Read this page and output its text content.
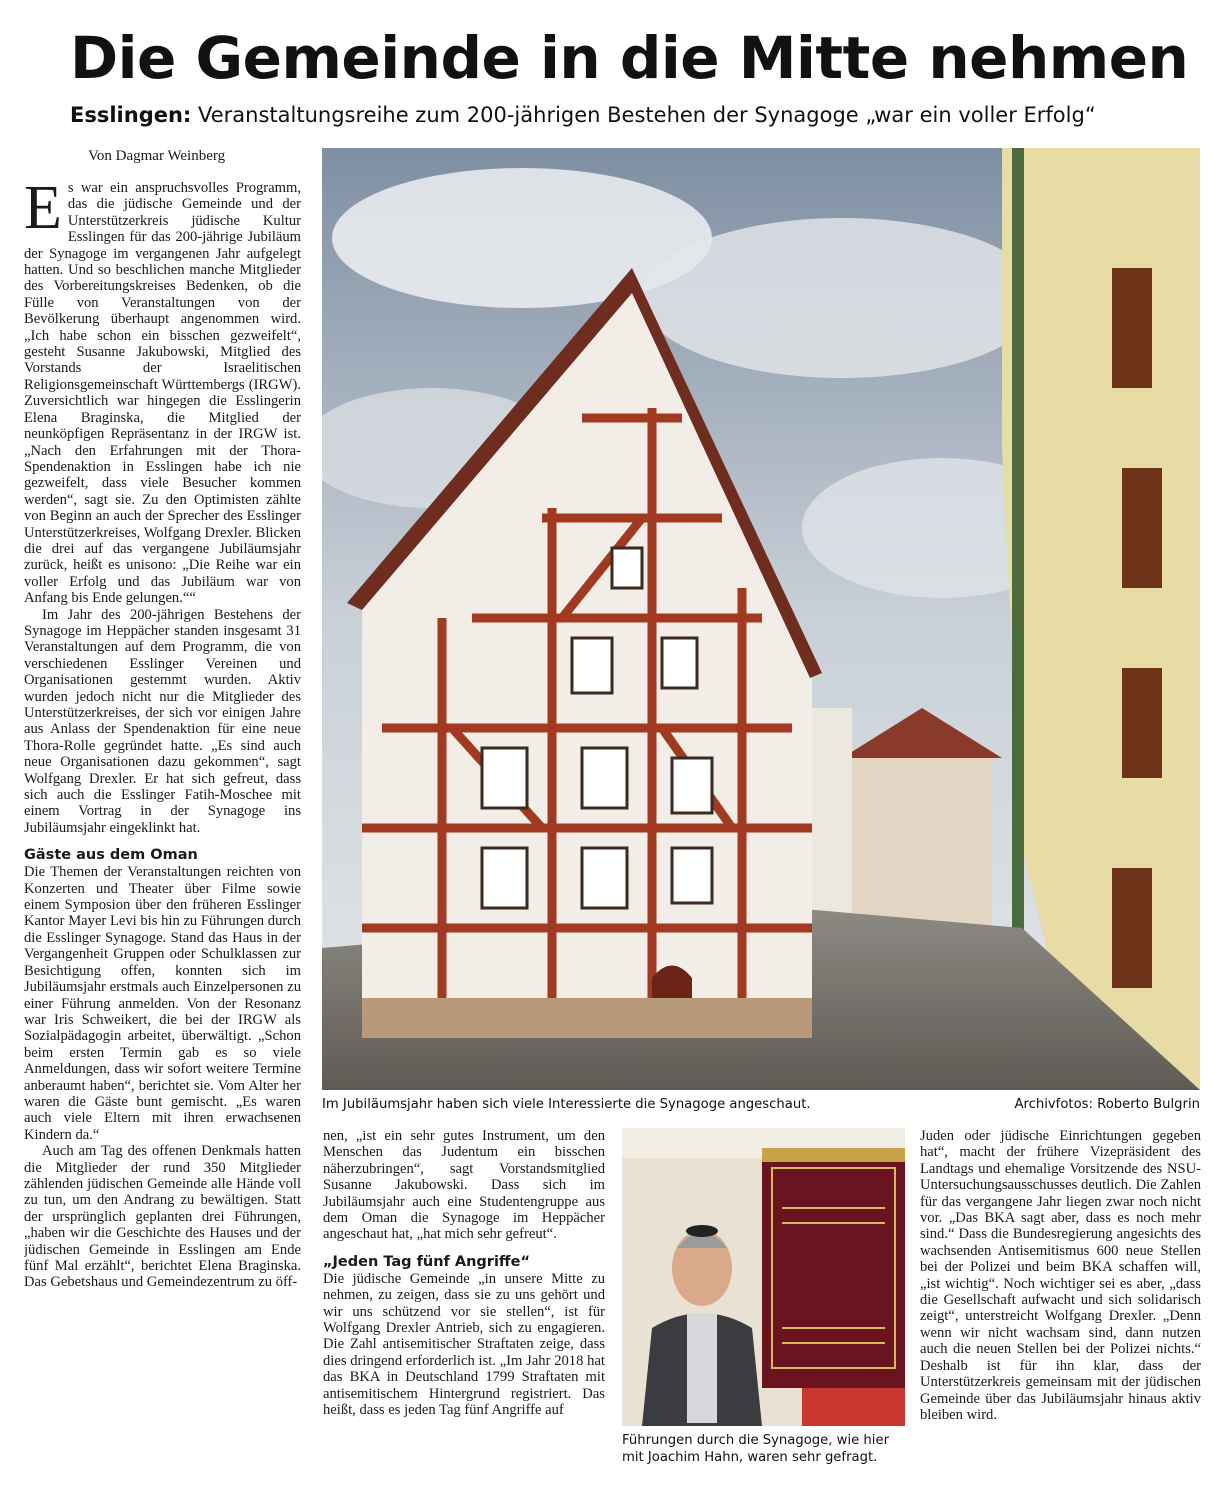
Die Gemeinde in die Mitte nehmen
Esslingen: Veranstaltungsreihe zum 200-jährigen Bestehen der Synagoge „war ein voller Erfolg“
Von Dagmar Weinberg

Es war ein anspruchsvolles Programm, das die jüdische Gemeinde und der Unterstützerkreis jüdische Kultur Esslingen für das 200-jährige Jubiläum der Synagoge im vergangenen Jahr aufgelegt hatten. Und so beschlichen manche Mitglieder des Vorbereitungskreises Bedenken, ob die Fülle von Veranstaltungen von der Bevölkerung überhaupt angenommen wird. „Ich habe schon ein bisschen gezweifelt“, gesteht Susanne Jakubowski, Mitglied des Vorstands der Israelitischen Religionsgemeinschaft Württembergs (IRGW). Zuversichtlich war hingegen die Esslingerin Elena Braginska, die Mitglied der neunköpfigen Repräsentanz in der IRGW ist. „Nach den Erfahrungen mit der Thora-Spendenaktion in Esslingen habe ich nie gezweifelt, dass viele Besucher kommen werden“, sagt sie. Zu den Optimisten zählte von Beginn an auch der Sprecher des Esslinger Unterstützerkreises, Wolfgang Drexler. Blicken die drei auf das vergangene Jubiläumsjahr zurück, heißt es unisono: „Die Reihe war ein voller Erfolg und das Jubiläum war von Anfang bis Ende gelungen.““

Im Jahr des 200-jährigen Bestehens der Synagoge im Heppächer standen insgesamt 31 Veranstaltungen auf dem Programm, die von verschiedenen Esslinger Vereinen und Organisationen gestemmt wurden. Aktiv wurden jedoch nicht nur die Mitglieder des Unterstützerkreises, der sich vor einigen Jahre aus Anlass der Spendenaktion für eine neue Thora-Rolle gegründet hatte. „Es sind auch neue Organisationen dazu gekommen“, sagt Wolfgang Drexler. Er hat sich gefreut, dass sich auch die Esslinger Fatih-Moschee mit einem Vortrag in der Synagoge ins Jubiläumsjahr eingeklinkt hat.

Gäste aus dem Oman

Die Themen der Veranstaltungen reichten von Konzerten und Theater über Filme sowie einem Symposion über den früheren Esslinger Kantor Mayer Levi bis hin zu Führungen durch die Esslinger Synagoge. Stand das Haus in der Vergangenheit Gruppen oder Schulklassen zur Besichtigung offen, konnten sich im Jubiläumsjahr erstmals auch Einzelpersonen zu einer Führung anmelden. Von der Resonanz war Iris Schweikert, die bei der IRGW als Sozialpädagogin arbeitet, überwältigt. „Schon beim ersten Termin gab es so viele Anmeldungen, dass wir sofort weitere Termine anberaumt haben“, berichtet sie. Vom Alter her waren die Gäste bunt gemischt. „Es waren auch viele Eltern mit ihren erwachsenen Kindern da.“

Auch am Tag des offenen Denkmals hatten die Mitglieder der rund 350 Mitglieder zählenden jüdischen Gemeinde alle Hände voll zu tun, um den Andrang zu bewältigen. Statt der ursprünglich geplanten drei Führungen, „haben wir die Geschichte des Hauses und der jüdischen Gemeinde in Esslingen am Ende fünf Mal erzählt“, berichtet Elena Braginska. Das Gebetshaus und Gemeindezentrum zu öff-

Im Jubiläumsjahr haben sich viele Interessierte die Synagoge angeschaut.	Archivfotos: Roberto Bulgrin

nen, „ist ein sehr gutes Instrument, um den Menschen das Judentum ein bisschen näherzubringen“, sagt Vorstandsmitglied Susanne Jakubowski. Dass sich im Jubiläumsjahr auch eine Studentengruppe aus dem Oman die Synagoge im Heppächer angeschaut hat, „hat mich sehr gefreut“.

„Jeden Tag fünf Angriffe“

Die jüdische Gemeinde „in unsere Mitte zu nehmen, zu zeigen, dass sie zu uns gehört und wir uns schützend vor sie stellen“, ist für Wolfgang Drexler Antrieb, sich zu engagieren. Die Zahl antisemitischer Straftaten zeige, dass dies dringend erforderlich ist. „Im Jahr 2018 hat das BKA in Deutschland 1799 Straftaten mit antisemitischem Hintergrund registriert. Das heißt, dass es jeden Tag fünf Angriffe auf

Führungen durch die Synagoge, wie hier mit Joachim Hahn, waren sehr gefragt.

Juden oder jüdische Einrichtungen gegeben hat“, macht der frühere Vizepräsident des Landtags und ehemalige Vorsitzende des NSU-Untersuchungsausschusses deutlich. Die Zahlen für das vergangene Jahr liegen zwar noch nicht vor. „Das BKA sagt aber, dass es noch mehr sind.“ Dass die Bundesregierung angesichts des wachsenden Antisemitismus 600 neue Stellen bei der Polizei und beim BKA schaffen will, „ist wichtig“. Noch wichtiger sei es aber, „dass die Gesellschaft aufwacht und sich solidarisch zeigt“, unterstreicht Wolfgang Drexler. „Denn wenn wir nicht wachsam sind, dann nutzen auch die neuen Stellen bei der Polizei nichts.“ Deshalb ist für ihn klar, dass der Unterstützerkreis gemeinsam mit der jüdischen Gemeinde über das Jubiläumsjahr hinaus aktiv bleiben wird.
